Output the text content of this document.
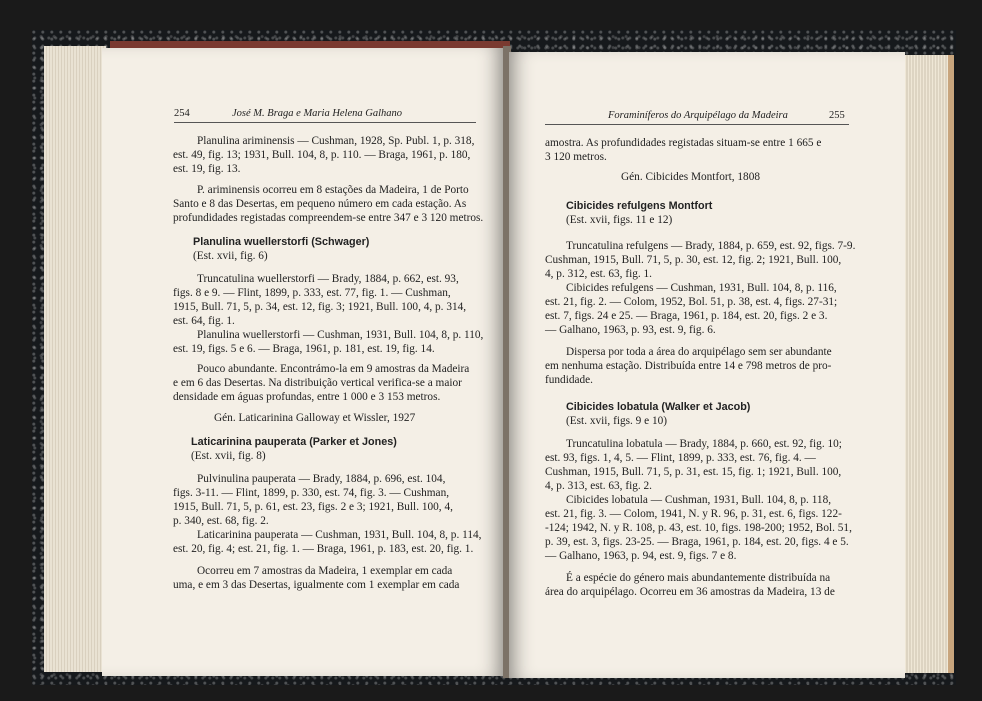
254	José M. Braga e Maria Helena Galhano
Planulina ariminensis — Cushman, 1928, Sp. Publ. 1, p. 318,
est. 49, fig. 13; 1931, Bull. 104, 8, p. 110. — Braga, 1961, p. 180,
est. 19, fig. 13.
P. ariminensis ocorreu em 8 estações da Madeira, 1 de Porto
Santo e 8 das Desertas, em pequeno número em cada estação. As
profundidades registadas compreendem-se entre 347 e 3 120 metros.
Planulina wuellerstorfi (Schwager)
(Est. xvii, fig. 6)
Truncatulina wuellerstorfi — Brady, 1884, p. 662, est. 93,
figs. 8 e 9. — Flint, 1899, p. 333, est. 77, fig. 1. — Cushman,
1915, Bull. 71, 5, p. 34, est. 12, fig. 3; 1921, Bull. 100, 4, p. 314,
est. 64, fig. 1.
Planulina wuellerstorfi — Cushman, 1931, Bull. 104, 8, p. 110,
est. 19, figs. 5 e 6. — Braga, 1961, p. 181, est. 19, fig. 14.
Pouco abundante. Encontrámo-la em 9 amostras da Madeira
e em 6 das Desertas. Na distribuição vertical verifica-se a maior
densidade em águas profundas, entre 1 000 e 3 153 metros.
Gén. Laticarinina Galloway et Wissler, 1927
Laticarinina pauperata (Parker et Jones)
(Est. xvii, fig. 8)
Pulvinulina pauperata — Brady, 1884, p. 696, est. 104,
figs. 3-11. — Flint, 1899, p. 330, est. 74, fig. 3. — Cushman,
1915, Bull. 71, 5, p. 61, est. 23, figs. 2 e 3; 1921, Bull. 100, 4,
p. 340, est. 68, fig. 2.
Laticarinina pauperata — Cushman, 1931, Bull. 104, 8, p. 114,
est. 20, fig. 4; est. 21, fig. 1. — Braga, 1961, p. 183, est. 20, fig. 1.
Ocorreu em 7 amostras da Madeira, 1 exemplar em cada
uma, e em 3 das Desertas, igualmente com 1 exemplar em cada
Foraminíferos do Arquipélago da Madeira	255
amostra. As profundidades registadas situam-se entre 1 665 e
3 120 metros.
Gén. Cibicides Montfort, 1808
Cibicides refulgens Montfort
(Est. xvii, figs. 11 e 12)
Truncatulina refulgens — Brady, 1884, p. 659, est. 92, figs. 7-9.
Cushman, 1915, Bull. 71, 5, p. 30, est. 12, fig. 2; 1921, Bull. 100,
4, p. 312, est. 63, fig. 1.
Cibicides refulgens — Cushman, 1931, Bull. 104, 8, p. 116,
est. 21, fig. 2. — Colom, 1952, Bol. 51, p. 38, est. 4, figs. 27-31;
est. 7, figs. 24 e 25. — Braga, 1961, p. 184, est. 20, figs. 2 e 3.
— Galhano, 1963, p. 93, est. 9, fig. 6.
Dispersa por toda a área do arquipélago sem ser abundante
em nenhuma estação. Distribuída entre 14 e 798 metros de pro-
fundidade.
Cibicides lobatula (Walker et Jacob)
(Est. xvii, figs. 9 e 10)
Truncatulina lobatula — Brady, 1884, p. 660, est. 92, fig. 10;
est. 93, figs. 1, 4, 5. — Flint, 1899, p. 333, est. 76, fig. 4. —
Cushman, 1915, Bull. 71, 5, p. 31, est. 15, fig. 1; 1921, Bull. 100,
4, p. 313, est. 63, fig. 2.
Cibicides lobatula — Cushman, 1931, Bull. 104, 8, p. 118,
est. 21, fig. 3. — Colom, 1941, N. y R. 96, p. 31, est. 6, figs. 122-
-124; 1942, N. y R. 108, p. 43, est. 10, figs. 198-200; 1952, Bol. 51,
p. 39, est. 3, figs. 23-25. — Braga, 1961, p. 184, est. 20, figs. 4 e 5.
— Galhano, 1963, p. 94, est. 9, figs. 7 e 8.
É a espécie do género mais abundantemente distribuída na
área do arquipélago. Ocorreu em 36 amostras da Madeira, 13 de
